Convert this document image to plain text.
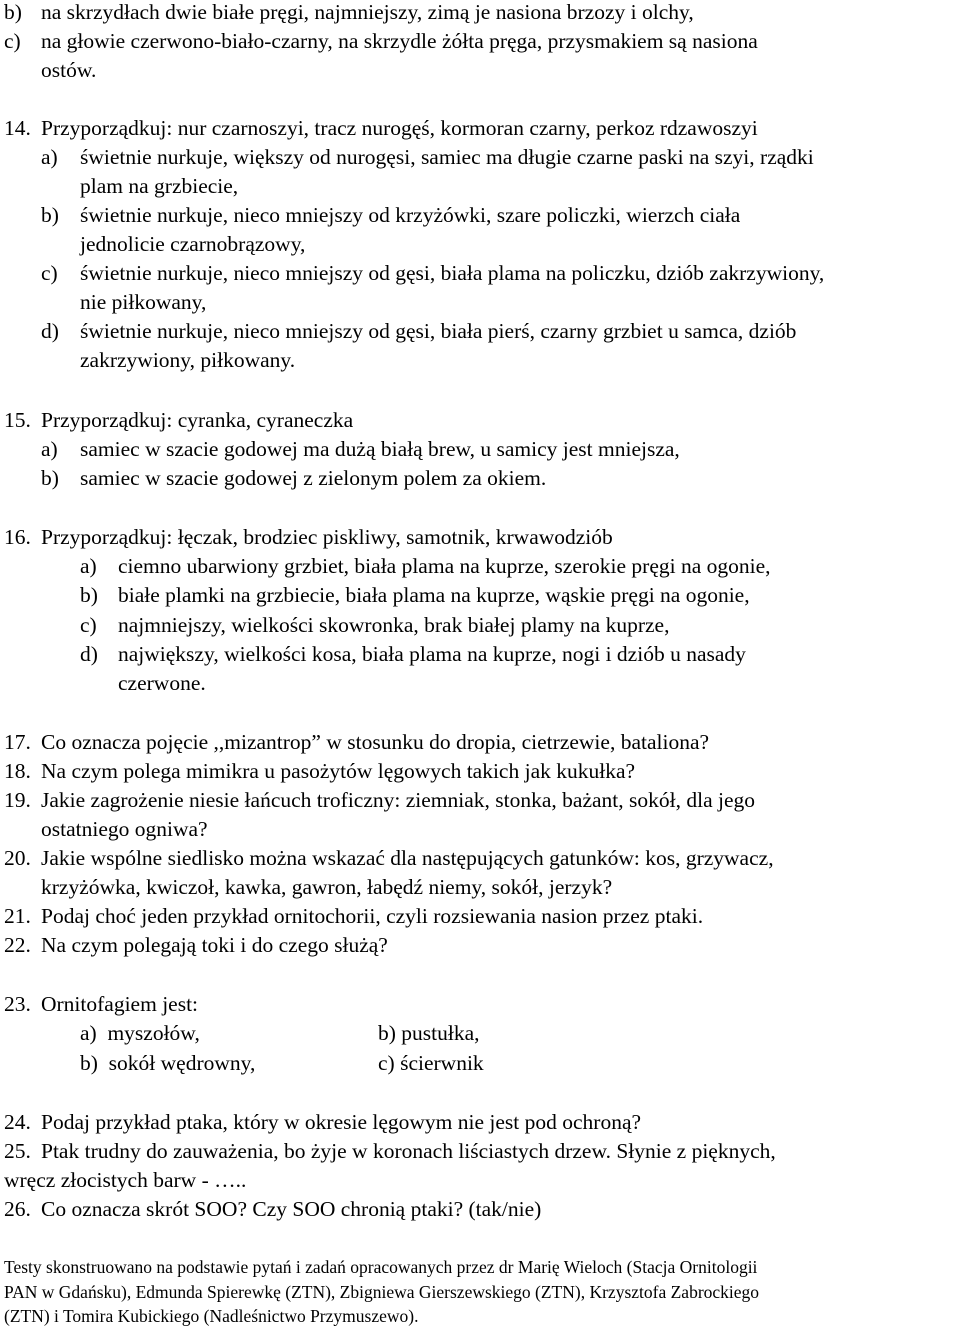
b) na skrzydłach dwie białe pręgi, najmniejszy, zimą je nasiona brzozy i olchy,
c) na głowie czerwono-biało-czarny, na skrzydle żółta pręga, przysmakiem są nasiona
ostów.
14. Przyporządkuj: nur czarnoszyi, tracz nurogęś, kormoran czarny, perkoz rdzawoszyi
a) świetnie nurkuje, większy od nurogęsi, samiec ma długie czarne paski na szyi, rządki
plam na grzbiecie,
b) świetnie nurkuje, nieco mniejszy od krzyżówki, szare policzki, wierzch ciała
jednolicie czarnobrązowy,
c) świetnie nurkuje, nieco mniejszy od gęsi, biała plama na policzku, dziób zakrzywiony,
nie piłkowany,
d) świetnie nurkuje, nieco mniejszy od gęsi, biała pierś, czarny grzbiet u samca, dziób
zakrzywiony, piłkowany.
15. Przyporządkuj: cyranka, cyraneczka
a) samiec w szacie godowej ma dużą białą brew, u samicy jest mniejsza,
b) samiec w szacie godowej z zielonym polem za okiem.
16. Przyporządkuj: łęczak, brodziec piskliwy, samotnik, krwawodziób
a) ciemno ubarwiony grzbiet, biała plama na kuprze, szerokie pręgi na ogonie,
b) białe plamki na grzbiecie, biała plama na kuprze, wąskie pręgi na ogonie,
c) najmniejszy, wielkości skowronka, brak białej plamy na kuprze,
d) największy, wielkości kosa, biała plama na kuprze, nogi i dziób u nasady
czerwone.
17. Co oznacza pojęcie ,,mizantrop” w stosunku do dropia, cietrzewie, bataliona?
18. Na czym polega mimikra u pasożytów lęgowych takich jak kukułka?
19. Jakie zagrożenie niesie łańcuch troficzny: ziemniak, stonka, bażant, sokół, dla jego
ostatniego ogniwa?
20. Jakie wspólne siedlisko można wskazać dla następujących gatunków: kos, grzywacz,
krzyżówka, kwiczoł, kawka, gawron, łabędź niemy, sokół, jerzyk?
21. Podaj choć jeden przykład ornitochorii, czyli rozsiewania nasion przez ptaki.
22. Na czym polegają toki i do czego służą?
23. Ornitofagiem jest:
a)  myszołów,	b) pustułka,
b)  sokół wędrowny,	c) ścierwnik
24. Podaj przykład ptaka, który w okresie lęgowym nie jest pod ochroną?
25. Ptak trudny do zauważenia, bo żyje w koronach liściastych drzew. Słynie z pięknych,
wręcz złocistych barw - …..
26. Co oznacza skrót SOO? Czy SOO chronią ptaki? (tak/nie)
Testy skonstruowano na podstawie pytań i zadań opracowanych przez dr Marię Wieloch (Stacja Ornitologii
PAN w Gdańsku), Edmunda Spierewkę (ZTN), Zbigniewa Gierszewskiego (ZTN), Krzysztofa Zabrockiego
(ZTN) i Tomira Kubickiego (Nadleśnictwo Przymuszewo).
